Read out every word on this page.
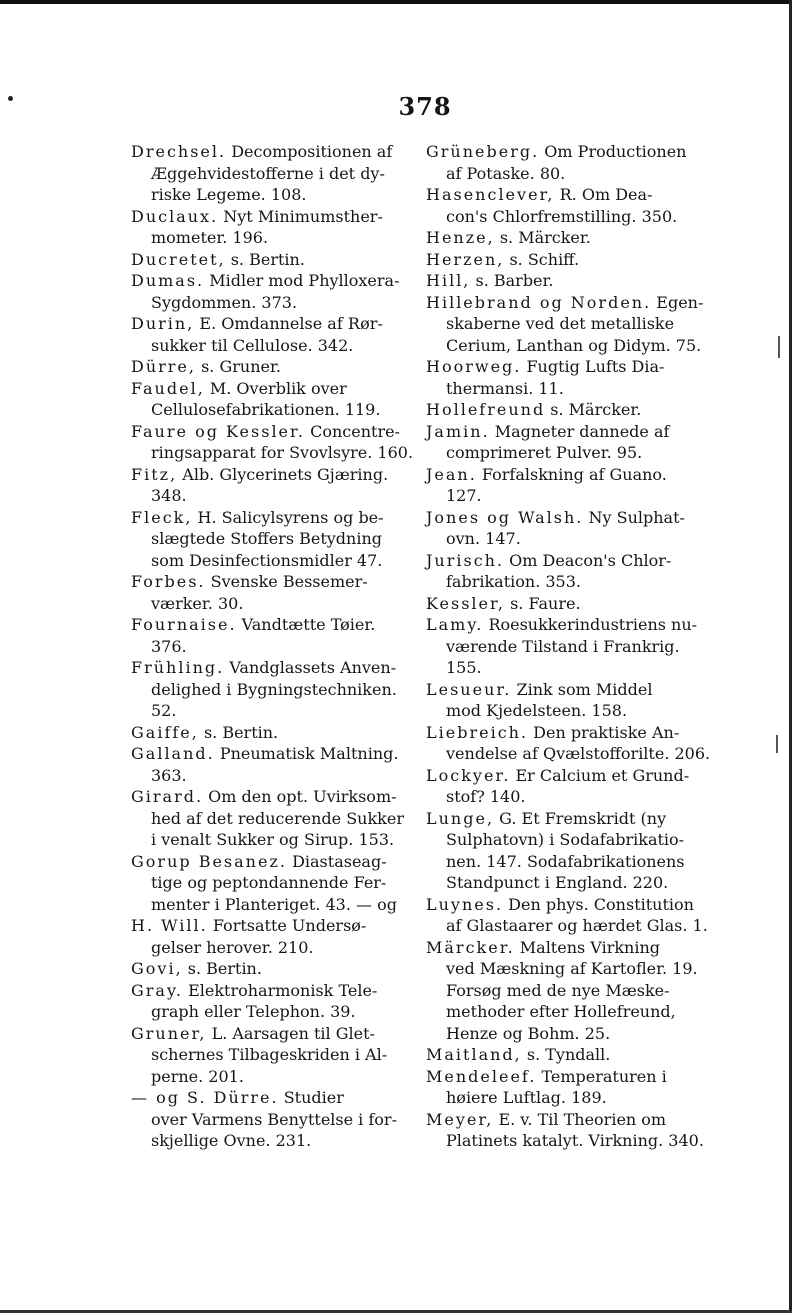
378
Drechsel. Decompositionen af
Æggehvidestofferne i det dy-
riske Legeme. 108.
Duclaux. Nyt Minimumsther-
mometer. 196.
Ducretet, s. Bertin.
Dumas. Midler mod Phylloxera-
Sygdommen. 373.
Durin, E. Omdannelse af Rør-
sukker til Cellulose. 342.
Dürre, s. Gruner.
Faudel, M. Overblik over
Cellulosefabrikationen. 119.
Faure og Kessler. Concentre-
ringsapparat for Svovlsyre. 160.
Fitz, Alb. Glycerinets Gjæring.
348.
Fleck, H. Salicylsyrens og be-
slægtede Stoffers Betydning
som Desinfectionsmidler 47.
Forbes. Svenske Bessemer-
værker. 30.
Fournaise. Vandtætte Tøier.
376.
Frühling. Vandglassets Anven-
delighed i Bygningstechniken.
52.
Gaiffe, s. Bertin.
Galland. Pneumatisk Maltning.
363.
Girard. Om den opt. Uvirksom-
hed af det reducerende Sukker
i venalt Sukker og Sirup. 153.
Gorup Besanez. Diastaseag-
tige og peptondannende Fer-
menter i Planteriget. 43. — og
H. Will. Fortsatte Undersø-
gelser herover. 210.
Govi, s. Bertin.
Gray. Elektroharmonisk Tele-
graph eller Telephon. 39.
Gruner, L. Aarsagen til Glet-
schernes Tilbageskriden i Al-
perne. 201.
— og S. Dürre. Studier
over Varmens Benyttelse i for-
skjellige Ovne. 231.
Grüneberg. Om Productionen
af Potaske. 80.
Hasenclever, R. Om Dea-
con's Chlorfremstilling. 350.
Henze, s. Märcker.
Herzen, s. Schiff.
Hill, s. Barber.
Hillebrand og Norden. Egen-
skaberne ved det metalliske
Cerium, Lanthan og Didym. 75.
Hoorweg. Fugtig Lufts Dia-
thermansi. 11.
Hollefreund s. Märcker.
Jamin. Magneter dannede af
comprimeret Pulver. 95.
Jean. Forfalskning af Guano.
127.
Jones og Walsh. Ny Sulphat-
ovn. 147.
Jurisch. Om Deacon's Chlor-
fabrikation. 353.
Kessler, s. Faure.
Lamy. Roesukkerindustriens nu-
værende Tilstand i Frankrig.
155.
Lesueur. Zink som Middel
mod Kjedelsteen. 158.
Liebreich. Den praktiske An-
vendelse af Qvælstofforilte. 206.
Lockyer. Er Calcium et Grund-
stof? 140.
Lunge, G. Et Fremskridt (ny
Sulphatovn) i Sodafabrikatio-
nen. 147. Sodafabrikationens
Standpunct i England. 220.
Luynes. Den phys. Constitution
af Glastaarer og hærdet Glas. 1.
Märcker. Maltens Virkning
ved Mæskning af Kartofler. 19.
Forsøg med de nye Mæske-
methoder efter Hollefreund,
Henze og Bohm. 25.
Maitland, s. Tyndall.
Mendeleef. Temperaturen i
høiere Luftlag. 189.
Meyer, E. v. Til Theorien om
Platinets katalyt. Virkning. 340.
